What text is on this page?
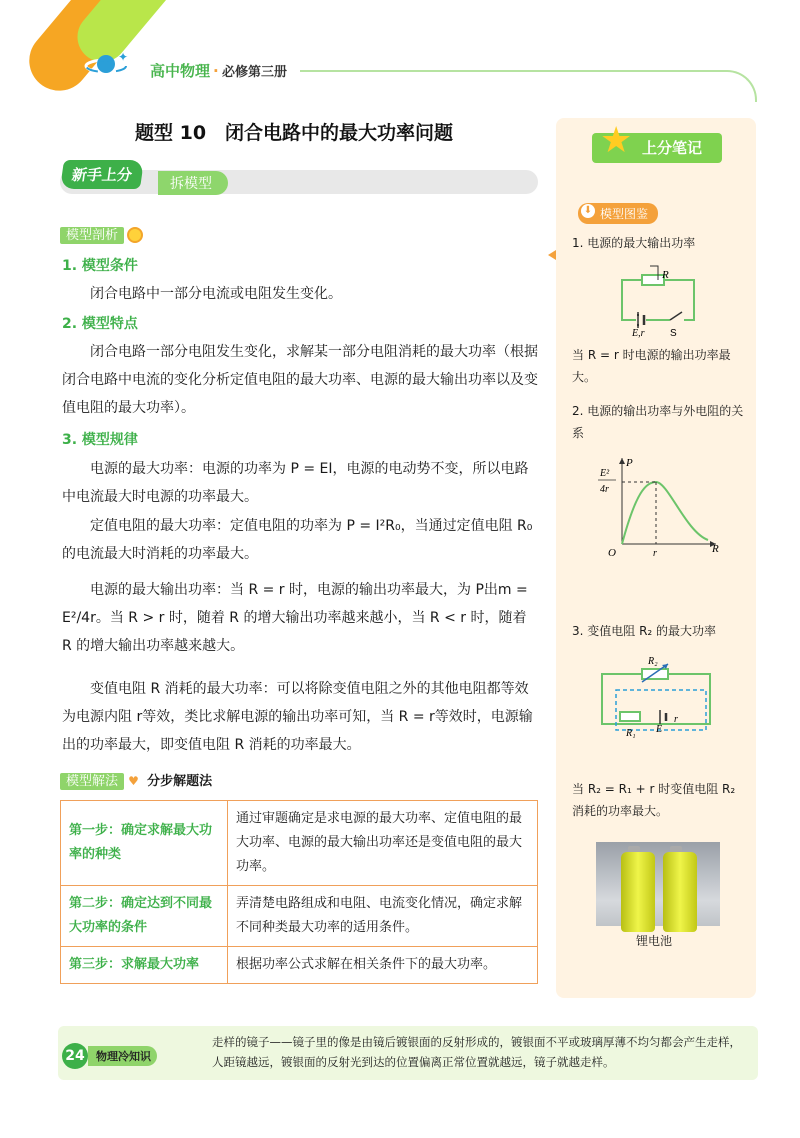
✦
高中物理 · 必修第三册
题型 10　闭合电路中的最大功率问题
拆模型
新手上分
模型剖析
1. 模型条件

闭合电路中一部分电流或电阻发生变化。

2. 模型特点

闭合电路一部分电阻发生变化，求解某一部分电阻消耗的最大功率（根据闭合电路中电流的变化分析定值电阻的最大功率、电源的最大输出功率以及变值电阻的最大功率）。

3. 模型规律

电源的最大功率：电源的功率为 P = EI，电源的电动势不变，所以电路中电流最大时电源的功率最大。

定值电阻的最大功率：定值电阻的功率为 P = I²R₀，当通过定值电阻 R₀ 的电流最大时消耗的功率最大。

电源的最大输出功率：当 R = r 时，电源的输出功率最大，为 P出m = E²/4r。当 R > r 时，随着 R 的增大输出功率越来越小，当 R < r 时，随着 R 的增大输出功率越来越大。

变值电阻 R 消耗的最大功率：可以将除变值电阻之外的其他电阻都等效为电源内阻 r等效，类比求解电源的输出功率可知，当 R = r等效时，电源输出的功率最大，即变值电阻 R 消耗的功率最大。

模型解法 ♥ 分步解题法
第一步：确定求解最大功率的种类	通过审题确定是求电源的最大功率、定值电阻的最大功率、电源的最大输出功率还是变值电阻的最大功率。
第二步：确定达到不同最大功率的条件	弄清楚电路组成和电阻、电流变化情况，确定求解不同种类最大功率的适用条件。
第三步：求解最大功率	根据功率公式求解在相关条件下的最大功率。
上分笔记
★
模型图鉴
⬇
1. 电源的最大输出功率
R
E,r	S
当 R = r 时电源的输出功率最大。
2. 电源的输出功率与外电阻的关系
P
E²
4r
O	r	R
3. 变值电阻 R₂ 的最大功率
R₂
R₁ E
r
当 R₂ = R₁ + r 时变值电阻 R₂ 消耗的功率最大。
锂电池
物理冷知识
24
走样的镜子——镜子里的像是由镜后镀银面的反射形成的，镀银面不平或玻璃厚薄不均匀都会产生走样，人距镜越远，镀银面的反射光到达的位置偏离正常位置就越远，镜子就越走样。
